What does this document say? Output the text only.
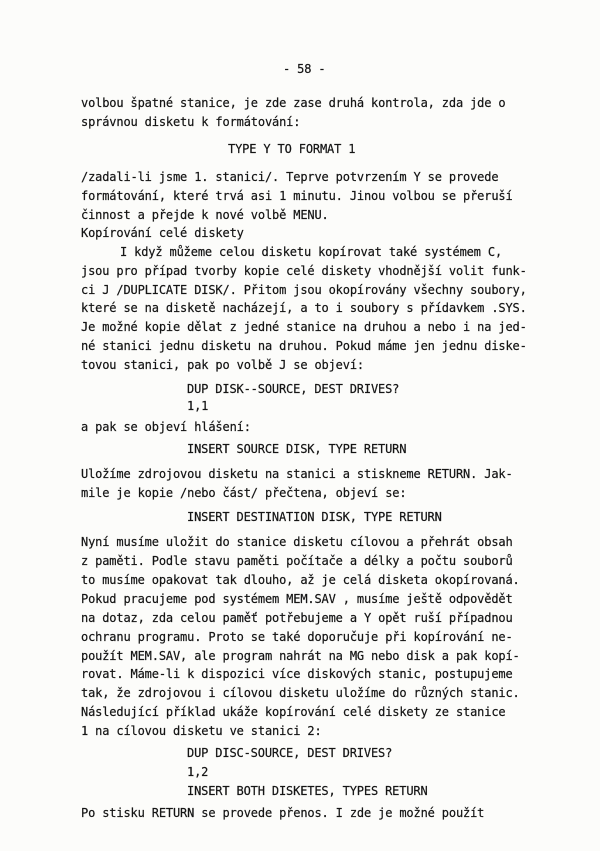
- 58 -
volbou špatné stanice, je zde zase druhá kontrola, zda jde o
správnou disketu k formátování:
TYPE Y TO FORMAT 1
/zadali-li jsme 1. stanici/. Teprve potvrzením Y se provede
formátování, které trvá asi 1 minutu. Jinou volbou se přeruší
činnost a přejde k nové volbě MENU.
Kopírování celé diskety
I když můžeme celou disketu kopírovat také systémem C,
jsou pro případ tvorby kopie celé diskety vhodnější volit funk-
ci J /DUPLICATE DISK/. Přitom jsou okopírovány všechny soubory,
které se na disketě nacházejí, a to i soubory s přídavkem .SYS.
Je možné kopie dělat z jedné stanice na druhou a nebo i na jed-
né stanici jednu disketu na druhou. Pokud máme jen jednu diske-
tovou stanici, pak po volbě J se objeví:
DUP DISK--SOURCE, DEST DRIVES?
1,1
a pak se objeví hlášení:
INSERT SOURCE DISK, TYPE RETURN
Uložíme zdrojovou disketu na stanici a stiskneme RETURN. Jak-
mile je kopie /nebo část/ přečtena, objeví se:
INSERT DESTINATION DISK, TYPE RETURN
Nyní musíme uložit do stanice disketu cílovou a přehrát obsah
z paměti. Podle stavu paměti počítače a délky a počtu souborů
to musíme opakovat tak dlouho, až je celá disketa okopírovaná.
Pokud pracujeme pod systémem MEM.SAV , musíme ještě odpovědět
na dotaz, zda celou paměť potřebujeme a Y opět ruší případnou
ochranu programu. Proto se také doporučuje při kopírování ne-
použít MEM.SAV, ale program nahrát na MG nebo disk a pak kopí-
rovat. Máme-li k dispozici více diskových stanic, postupujeme
tak, že zdrojovou i cílovou disketu uložíme do různých stanic.
Následující příklad ukáže kopírování celé diskety ze stanice
1 na cílovou disketu ve stanici 2:
DUP DISC-SOURCE, DEST DRIVES?
1,2
INSERT BOTH DISKETES, TYPES RETURN
Po stisku RETURN se provede přenos. I zde je možné použít
